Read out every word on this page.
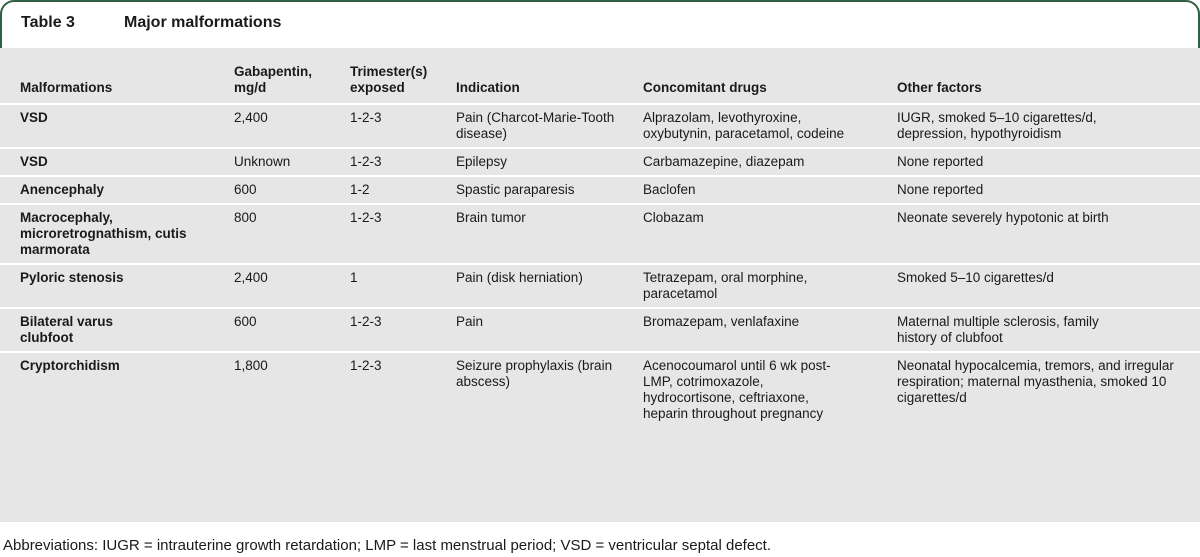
Table 3	Major malformations
Malformations	Gabapentin, mg/d	Trimester(s) exposed	Indication	Concomitant drugs	Other factors
VSD	2,400	1-2-3	Pain (Charcot-Marie-Tooth disease)	Alprazolam, levothyroxine, oxybutynin, paracetamol, codeine	IUGR, smoked 5–10 cigarettes/d, depression, hypothyroidism
VSD	Unknown	1-2-3	Epilepsy	Carbamazepine, diazepam	None reported
Anencephaly	600	1-2	Spastic paraparesis	Baclofen	None reported
Macrocephaly, microretrognathism, cutis marmorata	800	1-2-3	Brain tumor	Clobazam	Neonate severely hypotonic at birth
Pyloric stenosis	2,400	1	Pain (disk herniation)	Tetrazepam, oral morphine, paracetamol	Smoked 5–10 cigarettes/d
Bilateral varus clubfoot	600	1-2-3	Pain	Bromazepam, venlafaxine	Maternal multiple sclerosis, family history of clubfoot
Cryptorchidism	1,800	1-2-3	Seizure prophylaxis (brain abscess)	Acenocoumarol until 6 wk post-LMP, cotrimoxazole, hydrocortisone, ceftriaxone, heparin throughout pregnancy	Neonatal hypocalcemia, tremors, and irregular respiration; maternal myasthenia, smoked 10 cigarettes/d
Abbreviations: IUGR = intrauterine growth retardation; LMP = last menstrual period; VSD = ventricular septal defect.
